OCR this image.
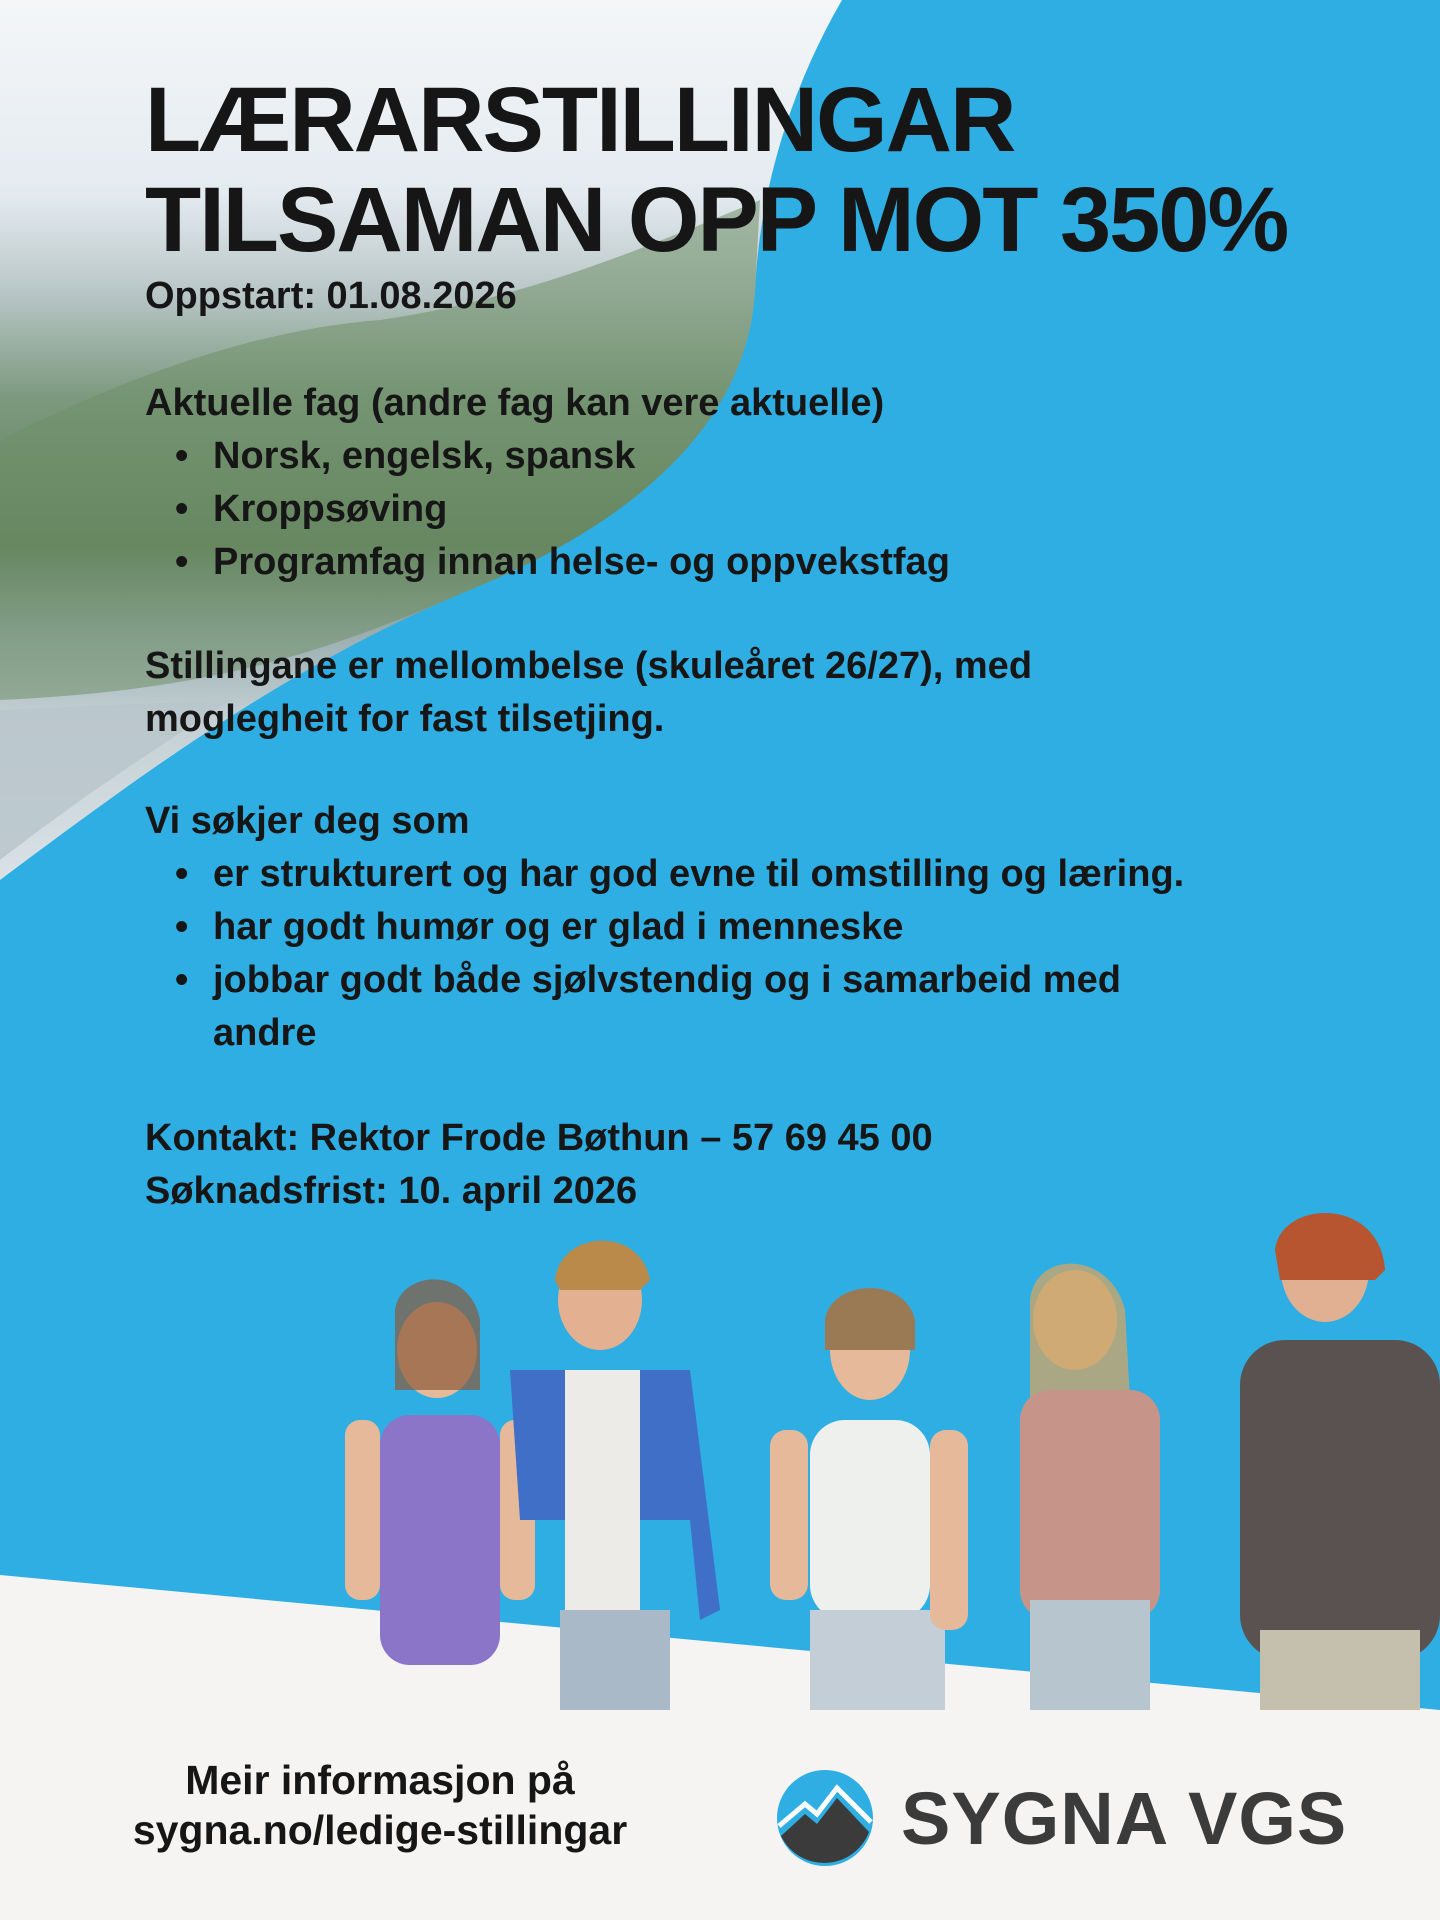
LÆRARSTILLINGAR
TILSAMAN OPP MOT 350%
Oppstart: 01.08.2026

Aktuelle fag (andre fag kan vere aktuelle)

• Norsk, engelsk, spansk
• Kroppsøving
• Programfag innan helse- og oppvekstfag

Stillingane er mellombelse (skuleåret 26/27), med

moglegheit for fast tilsetjing.

Vi søkjer deg som

• er strukturert og har god evne til omstilling og læring.
• har godt humør og er glad i menneske
• jobbar godt både sjølvstendig og i samarbeid med andre

Kontakt: Rektor Frode Bøthun – 57 69 45 00

Søknadsfrist: 10. april 2026

Meir informasjon på
sygna.no/ledige-stillingar	SYGNA VGS
